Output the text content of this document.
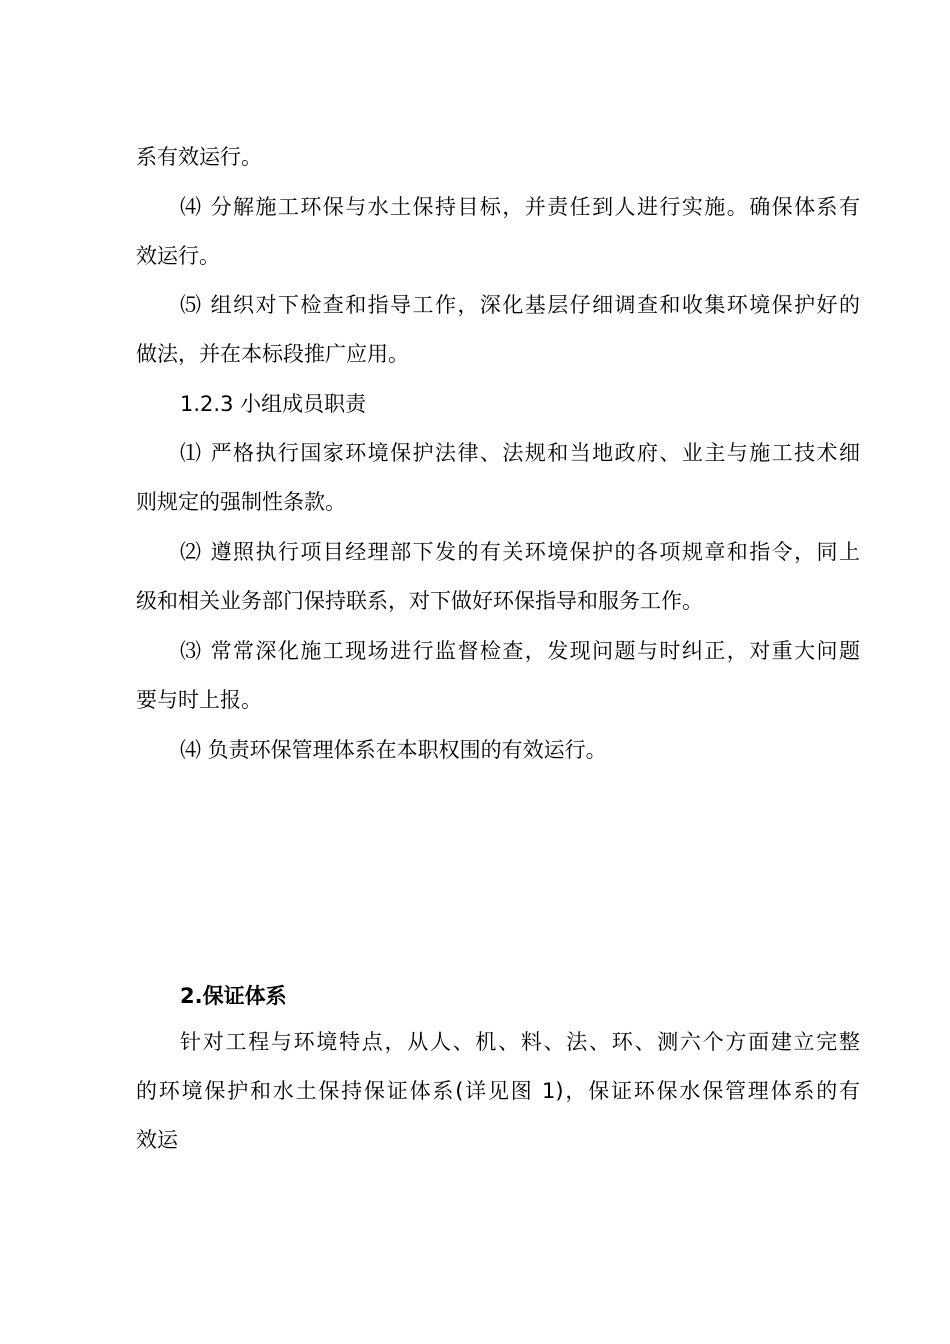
系有效运行。
⑷ 分解施工环保与水土保持目标，并责任到人进行实施。确保体系有
效运行。
⑸ 组织对下检查和指导工作，深化基层仔细调查和收集环境保护好的
做法，并在本标段推广应用。
1.2.3 小组成员职责
⑴ 严格执行国家环境保护法律、法规和当地政府、业主与施工技术细
则规定的强制性条款。
⑵ 遵照执行项目经理部下发的有关环境保护的各项规章和指令，同上
级和相关业务部门保持联系，对下做好环保指导和服务工作。
⑶ 常常深化施工现场进行监督检查，发现问题与时纠正，对重大问题
要与时上报。
⑷ 负责环保管理体系在本职权围的有效运行。
2.保证体系
针对工程与环境特点，从人、机、料、法、环、测六个方面建立完整
的环境保护和水土保持保证体系(详见图 1)，保证环保水保管理体系的有
效运
